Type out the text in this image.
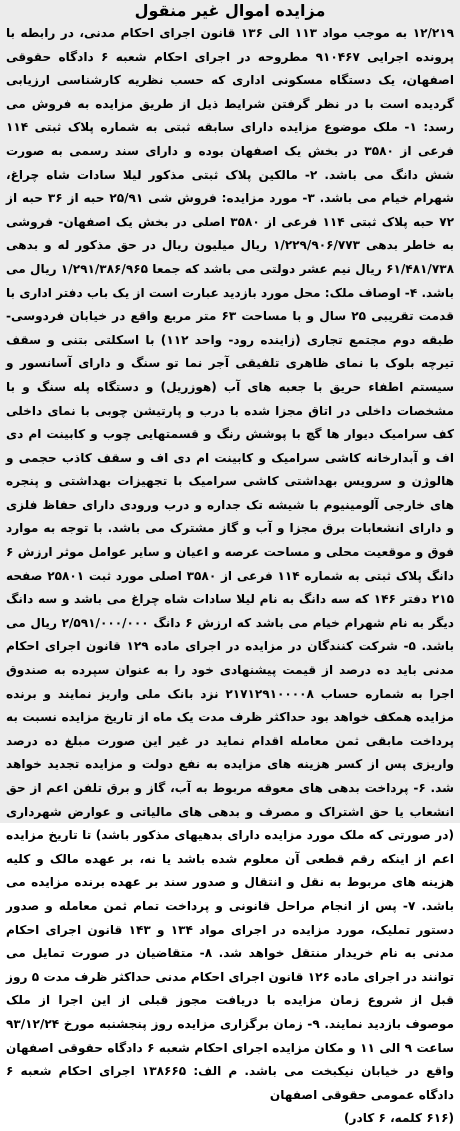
مزایده اموال غیر منقول
۱۲/۲۱۹ به موجب مواد ۱۱۳ الی ۱۳۶ قانون اجرای احکام مدنی، در رابطه با پرونده اجرایی ۹۱۰۴۶۷ مطروحه در اجرای احکام شعبه ۶ دادگاه حقوقی اصفهان، یک دستگاه مسکونی اداری که حسب نظریه کارشناسی ارزیابی گردیده است با در نظر گرفتن شرایط ذیل از طریق مزایده به فروش می رسد: ۱- ملک موضوع مزایده دارای سابقه ثبتی به شماره پلاک ثبتی ۱۱۴ فرعی از ۳۵۸۰ در بخش یک اصفهان بوده و دارای سند رسمی به صورت شش دانگ می باشد. ۲- مالکین پلاک ثبتی مذکور لیلا سادات شاه چراغ، شهرام خیام می باشد. ۳- مورد مزایده: فروش شی ۲۵/۹۱ حبه از ۳۶ حبه از ۷۲ حبه پلاک ثبتی ۱۱۴ فرعی از ۳۵۸۰ اصلی در بخش یک اصفهان- فروشی به خاطر بدهی ۱/۲۲۹/۹۰۶/۷۷۳ ریال میلیون ریال در حق مذکور له و بدهی ۶۱/۴۸۱/۷۳۸ ریال نیم عشر دولتی می باشد که جمعا ۱/۲۹۱/۳۸۶/۹۶۵ ریال می باشد. ۴- اوصاف ملک: محل مورد بازدید عبارت است از یک باب دفتر اداری با قدمت تقریبی ۲۵ سال و با مساحت ۶۳ متر مربع واقع در خیابان فردوسی- طبقه دوم مجتمع تجاری (زاینده رود- واحد ۱۱۲) با اسکلتی بتنی و سقف تیرچه بلوک با نمای ظاهری تلفیقی آجر نما تو سنگ و دارای آسانسور و سیستم اطفاء حریق با جعبه های آب (هوزریل) و دستگاه پله سنگ و با مشخصات داخلی در اتاق مجزا شده با درب و پارتیشن چوبی با نمای داخلی کف سرامیک دیوار ها گچ با پوشش رنگ و قسمتهایی چوب و کابینت ام دی اف و آبدارخانه کاشی سرامیک و کابینت ام دی اف و سقف کاذب حجمی و هالوژن و سرویس بهداشتی کاشی سرامیک با تجهیزات بهداشتی و پنجره های خارجی آلومینیوم با شیشه تک جداره و درب ورودی دارای حفاظ فلزی و دارای انشعابات برق مجزا و آب و گاز مشترک می باشد. با توجه به موارد فوق و موقعیت محلی و مساحت عرصه و اعیان و سایر عوامل موثر ارزش ۶ دانگ پلاک ثبتی به شماره ۱۱۴ فرعی از ۳۵۸۰ اصلی مورد ثبت ۲۵۸۰۱ صفحه ۲۱۵ دفتر ۱۴۶ که سه دانگ به نام لیلا سادات شاه چراغ می باشد و سه دانگ دیگر به نام شهرام خیام می باشد که ارزش ۶ دانگ ۲/۵۹۱/۰۰۰/۰۰۰ ریال می باشد. ۵- شرکت کنندگان در مزایده در اجرای ماده ۱۲۹ قانون اجرای احکام مدنی باید ده درصد از قیمت پیشنهادی خود را به عنوان سپرده به صندوق اجرا به شماره حساب ۲۱۷۱۲۹۱۰۰۰۰۸ نزد بانک ملی واریز نمایند و برنده مزایده همکف خواهد بود حداکثر ظرف مدت یک ماه از تاریخ مزایده نسبت به پرداخت مابقی ثمن معامله اقدام نماید در غیر این صورت مبلغ ده درصد واریزی پس از کسر هزینه های مزایده به نفع دولت و مزایده تجدید خواهد شد. ۶- پرداخت بدهی های معوقه مربوط به آب، گاز و برق تلفن اعم از حق انشعاب یا حق اشتراک و مصرف و بدهی های مالیاتی و عوارض شهرداری (در صورتی که ملک مورد مزایده دارای بدهیهای مذکور باشد) تا تاریخ مزایده اعم از اینکه رقم قطعی آن معلوم شده باشد یا نه، بر عهده مالک و کلیه هزینه های مربوط به نقل و انتقال و صدور سند بر عهده برنده مزایده می باشد. ۷- پس از انجام مراحل قانونی و پرداخت تمام ثمن معامله و صدور دستور تملیک، مورد مزایده در اجرای مواد ۱۳۴ و ۱۴۳ قانون اجرای احکام مدنی به نام خریدار منتقل خواهد شد. ۸- متقاضیان در صورت تمایل می توانند در اجرای ماده ۱۲۶ قانون اجرای احکام مدنی حداکثر ظرف مدت ۵ روز قبل از شروع زمان مزایده با دریافت مجوز قبلی از این اجرا از ملک موصوف بازدید نمایند. ۹- زمان برگزاری مزایده روز پنجشنبه مورخ ۹۳/۱۲/۲۴ ساعت ۹ الی ۱۱ و مکان مزایده اجرای احکام شعبه ۶ دادگاه حقوقی اصفهان واقع در خیابان نیکبخت می باشد. م الف: ۱۳۸۶۶۵ اجرای احکام شعبه ۶ دادگاه عمومی حقوقی اصفهان
(۶۱۶ کلمه، ۶ کادر)
